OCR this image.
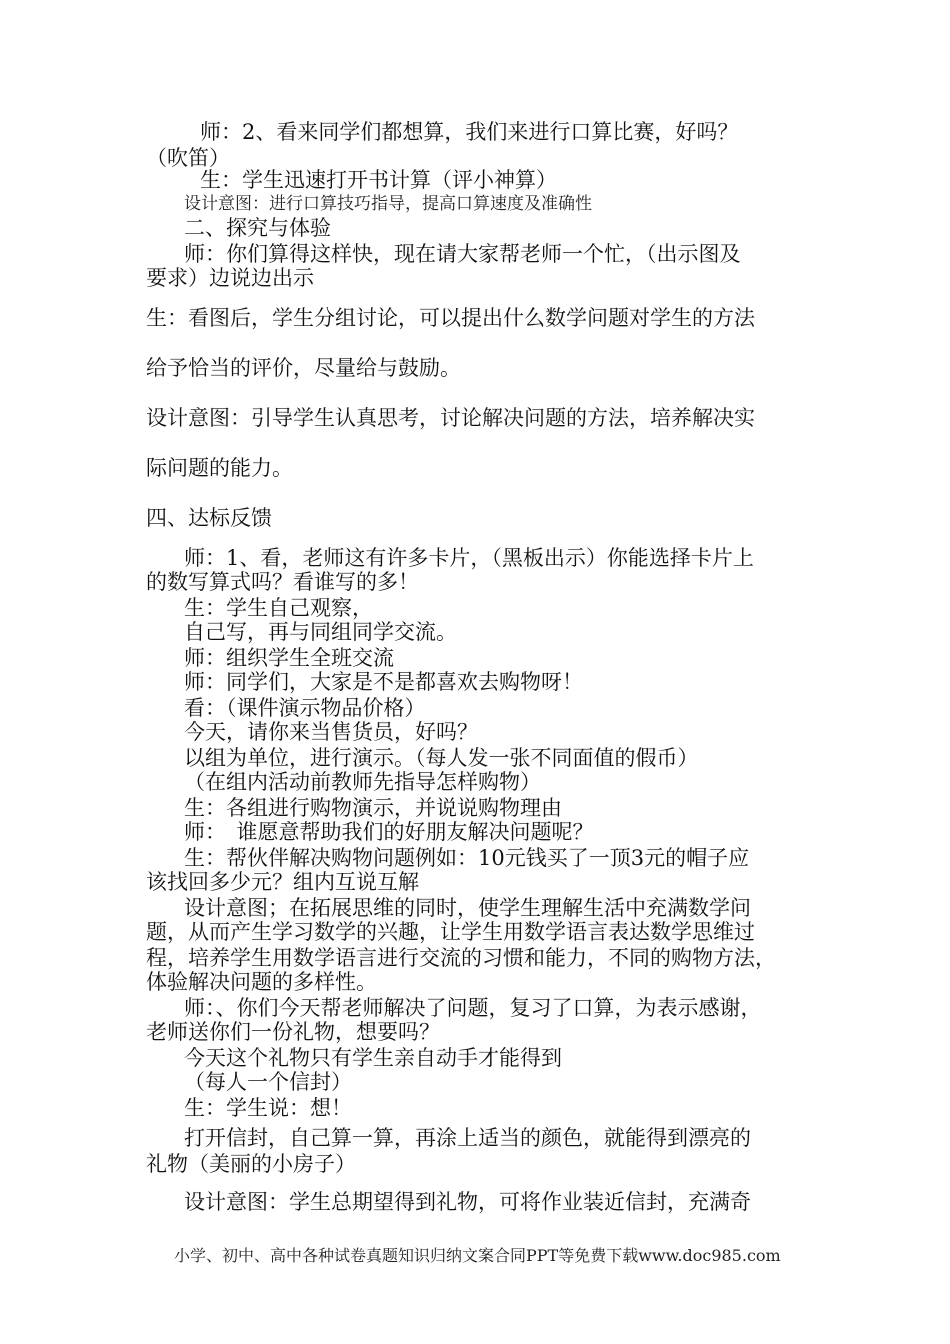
师：2、看来同学们都想算，我们来进行口算比赛，好吗？
（吹笛）
生：学生迅速打开书计算（评小神算）
设计意图：进行口算技巧指导，提高口算速度及准确性
二、探究与体验
师：你们算得这样快，现在请大家帮老师一个忙，（出示图及
要求）边说边出示
生：看图后，学生分组讨论，可以提出什么数学问题对学生的方法
给予恰当的评价，尽量给与鼓励。
设计意图：引导学生认真思考，讨论解决问题的方法，培养解决实
际问题的能力。
四、达标反馈
师：1、看，老师这有许多卡片，（黑板出示）你能选择卡片上
的数写算式吗？看谁写的多！
生：学生自己观察，
自己写，再与同组同学交流。
师：组织学生全班交流
师：同学们，大家是不是都喜欢去购物呀！
看：（课件演示物品价格）
今天，请你来当售货员，好吗？
以组为单位，进行演示。（每人发一张不同面值的假币）
（在组内活动前教师先指导怎样购物）
生：各组进行购物演示，并说说购物理由
师：　谁愿意帮助我们的好朋友解决问题呢？
生：帮伙伴解决购物问题例如：10元钱买了一顶3元的帽子应
该找回多少元？组内互说互解
设计意图；在拓展思维的同时，使学生理解生活中充满数学问
题，从而产生学习数学的兴趣，让学生用数学语言表达数学思维过
程，培养学生用数学语言进行交流的习惯和能力，不同的购物方法，
体验解决问题的多样性。
师：、你们今天帮老师解决了问题，复习了口算，为表示感谢，
老师送你们一份礼物，想要吗？
今天这个礼物只有学生亲自动手才能得到
（每人一个信封）
生：学生说：想！
打开信封，自己算一算，再涂上适当的颜色，就能得到漂亮的
礼物（美丽的小房子）
设计意图：学生总期望得到礼物，可将作业装近信封，充满奇
小学、初中、高中各种试卷真题知识归纳文案合同PPT等免费下载www.doc985.com
